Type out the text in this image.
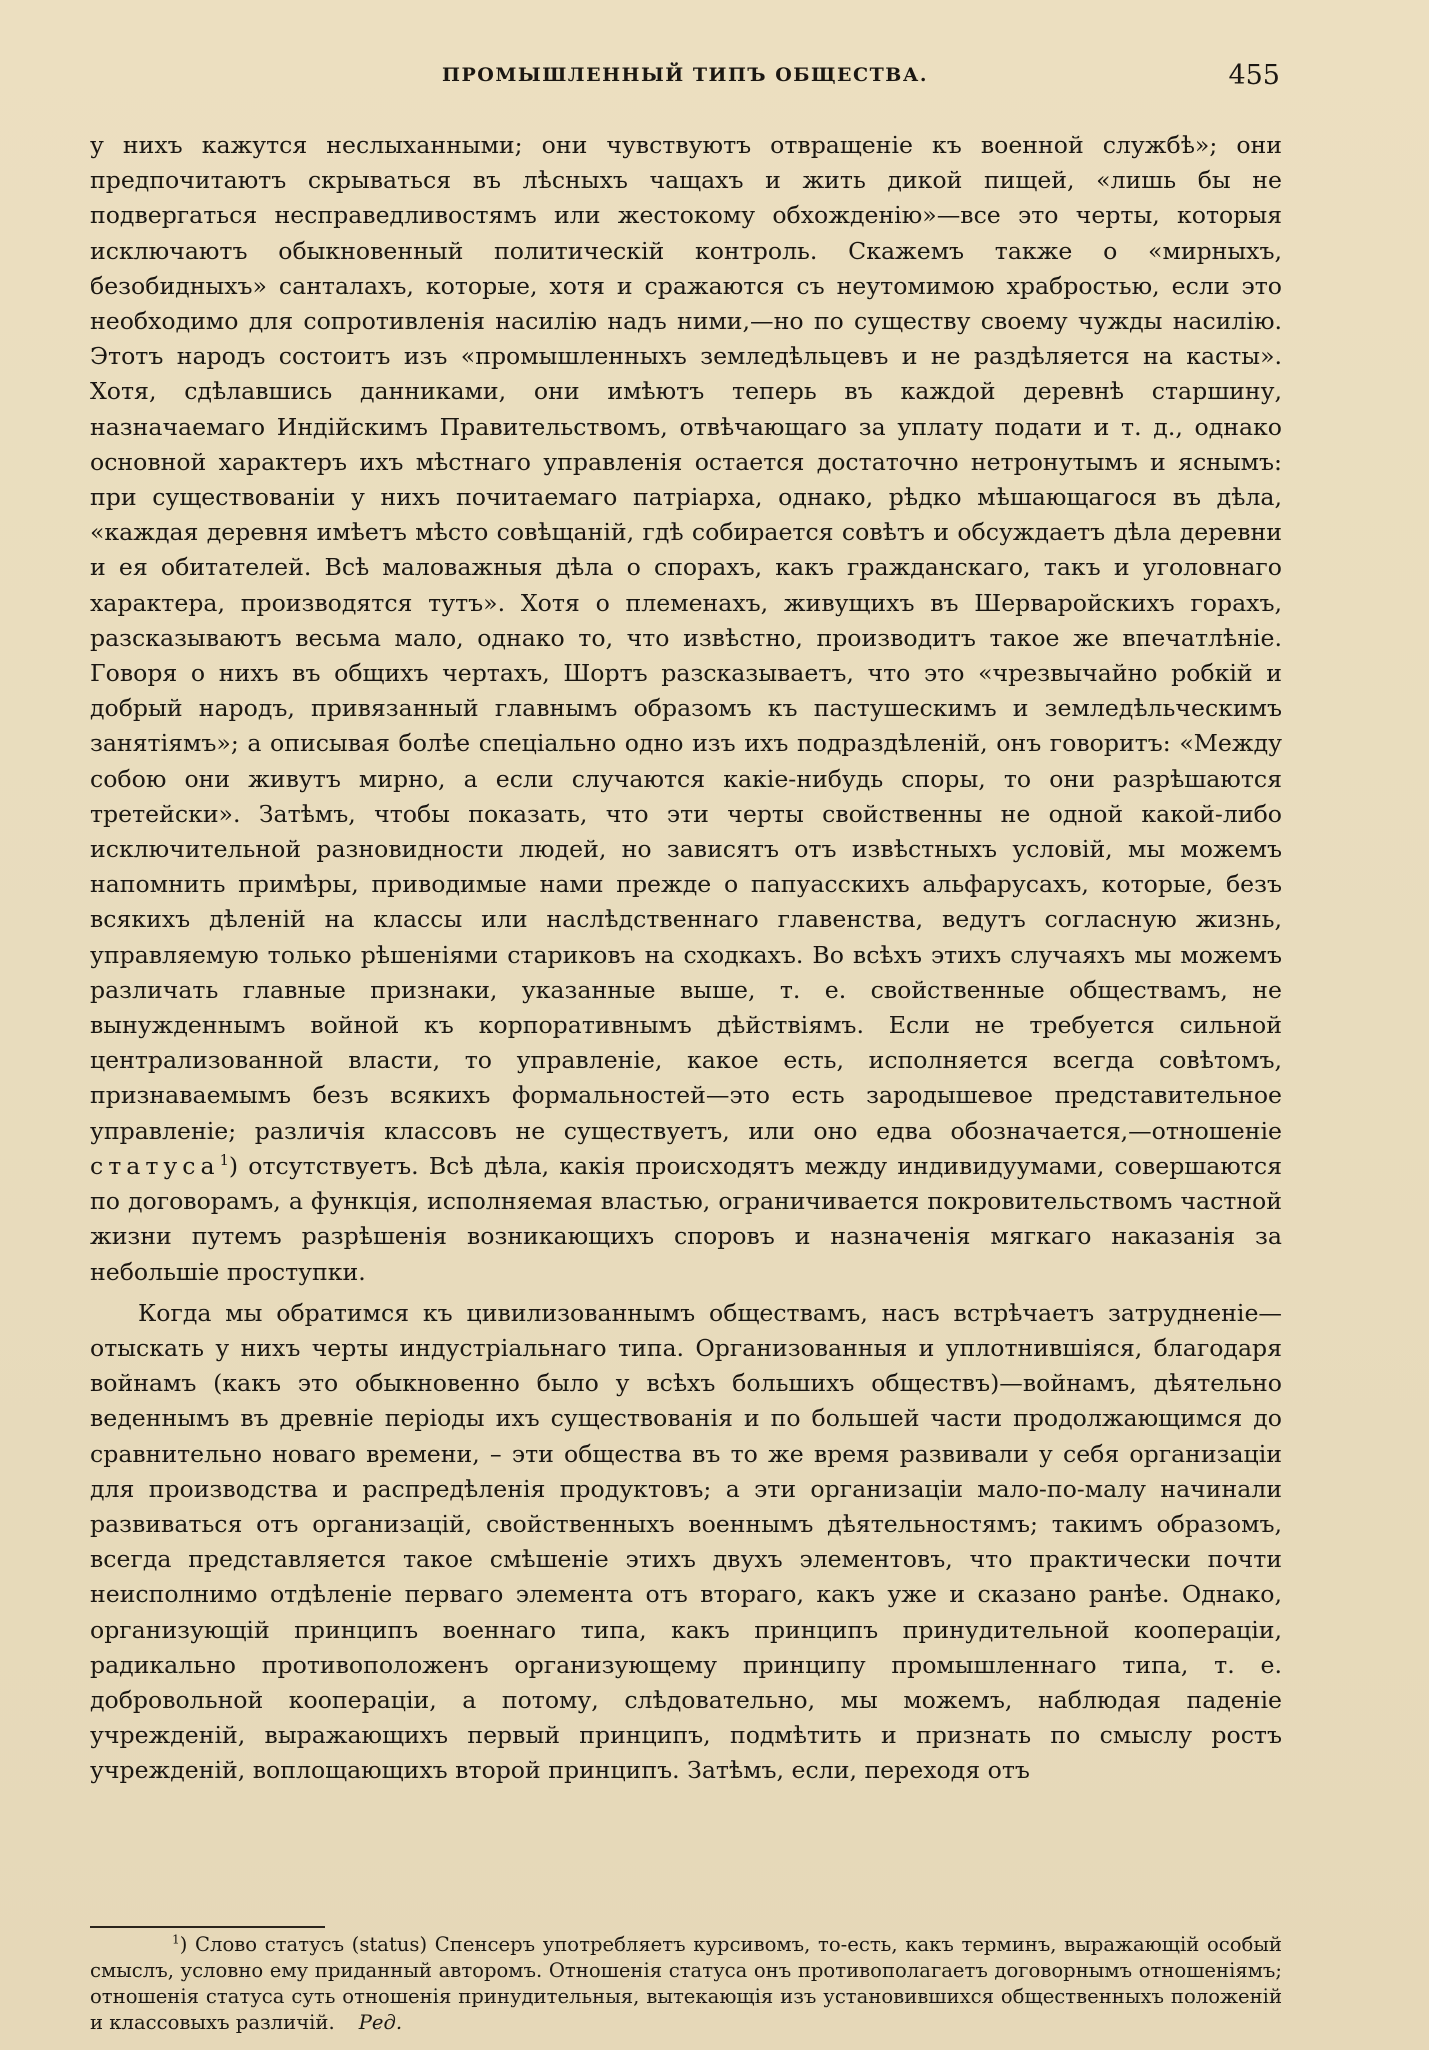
ПРОМЫШЛЕННЫЙ ТИПЪ ОБЩЕСТВА.	455

у нихъ кажутся неслыханными; они чувствуютъ отвращеніе къ военной службѣ»; они предпочитаютъ скрываться въ лѣсныхъ чащахъ и жить дикой пищей, «лишь бы не подвергаться несправедливостямъ или жестокому обхожденію»—все это черты, которыя исключаютъ обыкновенный политическій контроль. Скажемъ также о «мирныхъ, безобидныхъ» санталахъ, которые, хотя и сражаются съ неутомимою храбростью, если это необходимо для сопротивленія насилію надъ ними,—но по существу своему чужды насилію. Этотъ народъ состоитъ изъ «промышленныхъ земледѣльцевъ и не раздѣляется на касты». Хотя, сдѣлавшись данниками, они имѣютъ теперь въ каждой деревнѣ старшину, назначаемаго Индійскимъ Правительствомъ, отвѣчающаго за уплату подати и т. д., однако основной характеръ ихъ мѣстнаго управленія остается достаточно нетронутымъ и яснымъ: при существованіи у нихъ почитаемаго патріарха, однако, рѣдко мѣшающагося въ дѣла, «каждая деревня имѣетъ мѣсто совѣщаній, гдѣ собирается совѣтъ и обсуждаетъ дѣла деревни и ея обитателей. Всѣ маловажныя дѣла о спорахъ, какъ гражданскаго, такъ и уголовнаго характера, производятся тутъ». Хотя о племенахъ, живущихъ въ Шерваройскихъ горахъ, разсказываютъ весьма мало, однако то, что извѣстно, производитъ такое же впечатлѣніе. Говоря о нихъ въ общихъ чертахъ, Шортъ разсказываетъ, что это «чрезвычайно робкій и добрый народъ, привязанный главнымъ образомъ къ пастушескимъ и земледѣльческимъ занятіямъ»; а описывая болѣе спеціально одно изъ ихъ подраздѣленій, онъ говоритъ: «Между собою они живутъ мирно, а если случаются какіе-нибудь споры, то они разрѣшаются третейски». Затѣмъ, чтобы показать, что эти черты свойственны не одной какой-либо исключительной разновидности людей, но зависятъ отъ извѣстныхъ условій, мы можемъ напомнить примѣры, приводимые нами прежде о папуасскихъ альфарусахъ, которые, безъ всякихъ дѣленій на классы или наслѣдственнаго главенства, ведутъ согласную жизнь, управляемую только рѣшеніями стариковъ на сходкахъ. Во всѣхъ этихъ случаяхъ мы можемъ различать главные признаки, указанные выше, т. е. свойственные обществамъ, не вынужденнымъ войной къ корпоративнымъ дѣйствіямъ. Если не требуется сильной централизованной власти, то управленіе, какое есть, исполняется всегда совѣтомъ, признаваемымъ безъ всякихъ формальностей—это есть зародышевое представительное управленіе; различія классовъ не существуетъ, или оно едва обозначается,—отношеніе статуса$^1$) отсутствуетъ. Всѣ дѣла, какія происходятъ между индивидуумами, совершаются по договорамъ, а функція, исполняемая властью, ограничивается покровительствомъ частной жизни путемъ разрѣшенія возникающихъ споровъ и назначенія мягкаго наказанія за небольшіе проступки.

Когда мы обратимся къ цивилизованнымъ обществамъ, насъ встрѣчаетъ затрудненіе—отыскать у нихъ черты индустріальнаго типа. Организованныя и уплотнившіяся, благодаря войнамъ (какъ это обыкновенно было у всѣхъ большихъ обществъ)—войнамъ, дѣятельно веденнымъ въ древніе періоды ихъ существованія и по большей части продолжающимся до сравнительно новаго времени, – эти общества въ то же время развивали у себя организаціи для производства и распредѣленія продуктовъ; а эти организаціи мало-по-малу начинали развиваться отъ организацій, свойственныхъ военнымъ дѣятельностямъ; такимъ образомъ, всегда представляется такое смѣшеніе этихъ двухъ элементовъ, что практически почти неисполнимо отдѣленіе перваго элемента отъ втораго, какъ уже и сказано ранѣе. Однако, организующій принципъ военнаго типа, какъ принципъ принудительной коопераціи, радикально противоположенъ организующему принципу промышленнаго типа, т. е. добровольной коопераціи, а потому, слѣдовательно, мы можемъ, наблюдая паденіе учрежденій, выражающихъ первый принципъ, подмѣтить и признать по смыслу ростъ учрежденій, воплощающихъ второй принципъ. Затѣмъ, если, переходя отъ

$^1$) Слово статусъ (status) Спенсеръ употребляетъ курсивомъ, то-есть, какъ терминъ, выражающій особый смыслъ, условно ему приданный авторомъ. Отношенія статуса онъ противополагаетъ договорнымъ отношеніямъ; отношенія статуса суть отношенія принудительныя, вытекающія изъ установившихся общественныхъ положеній и классовыхъ различій. Ред.
